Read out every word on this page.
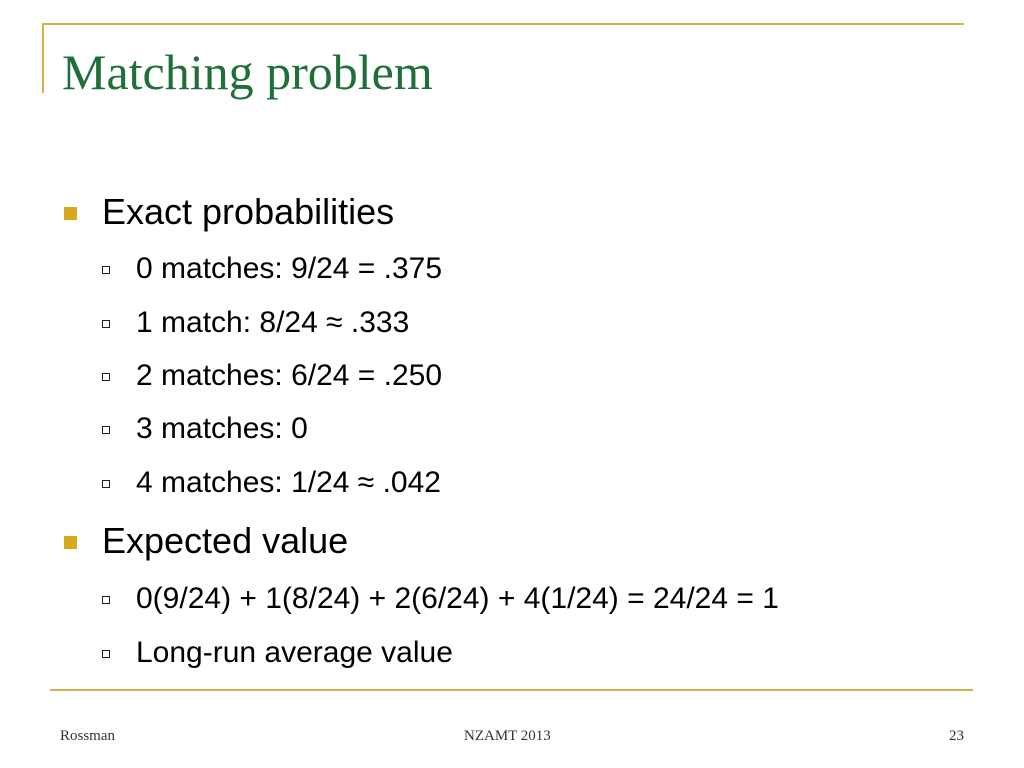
Matching problem
Exact probabilities
0 matches: 9/24 = .375
1 match: 8/24 ≈ .333
2 matches: 6/24 = .250
3 matches: 0
4 matches: 1/24 ≈ .042
Expected value
0(9/24) + 1(8/24) + 2(6/24) + 4(1/24) = 24/24 = 1
Long-run average value
Rossman	NZAMT 2013	23
